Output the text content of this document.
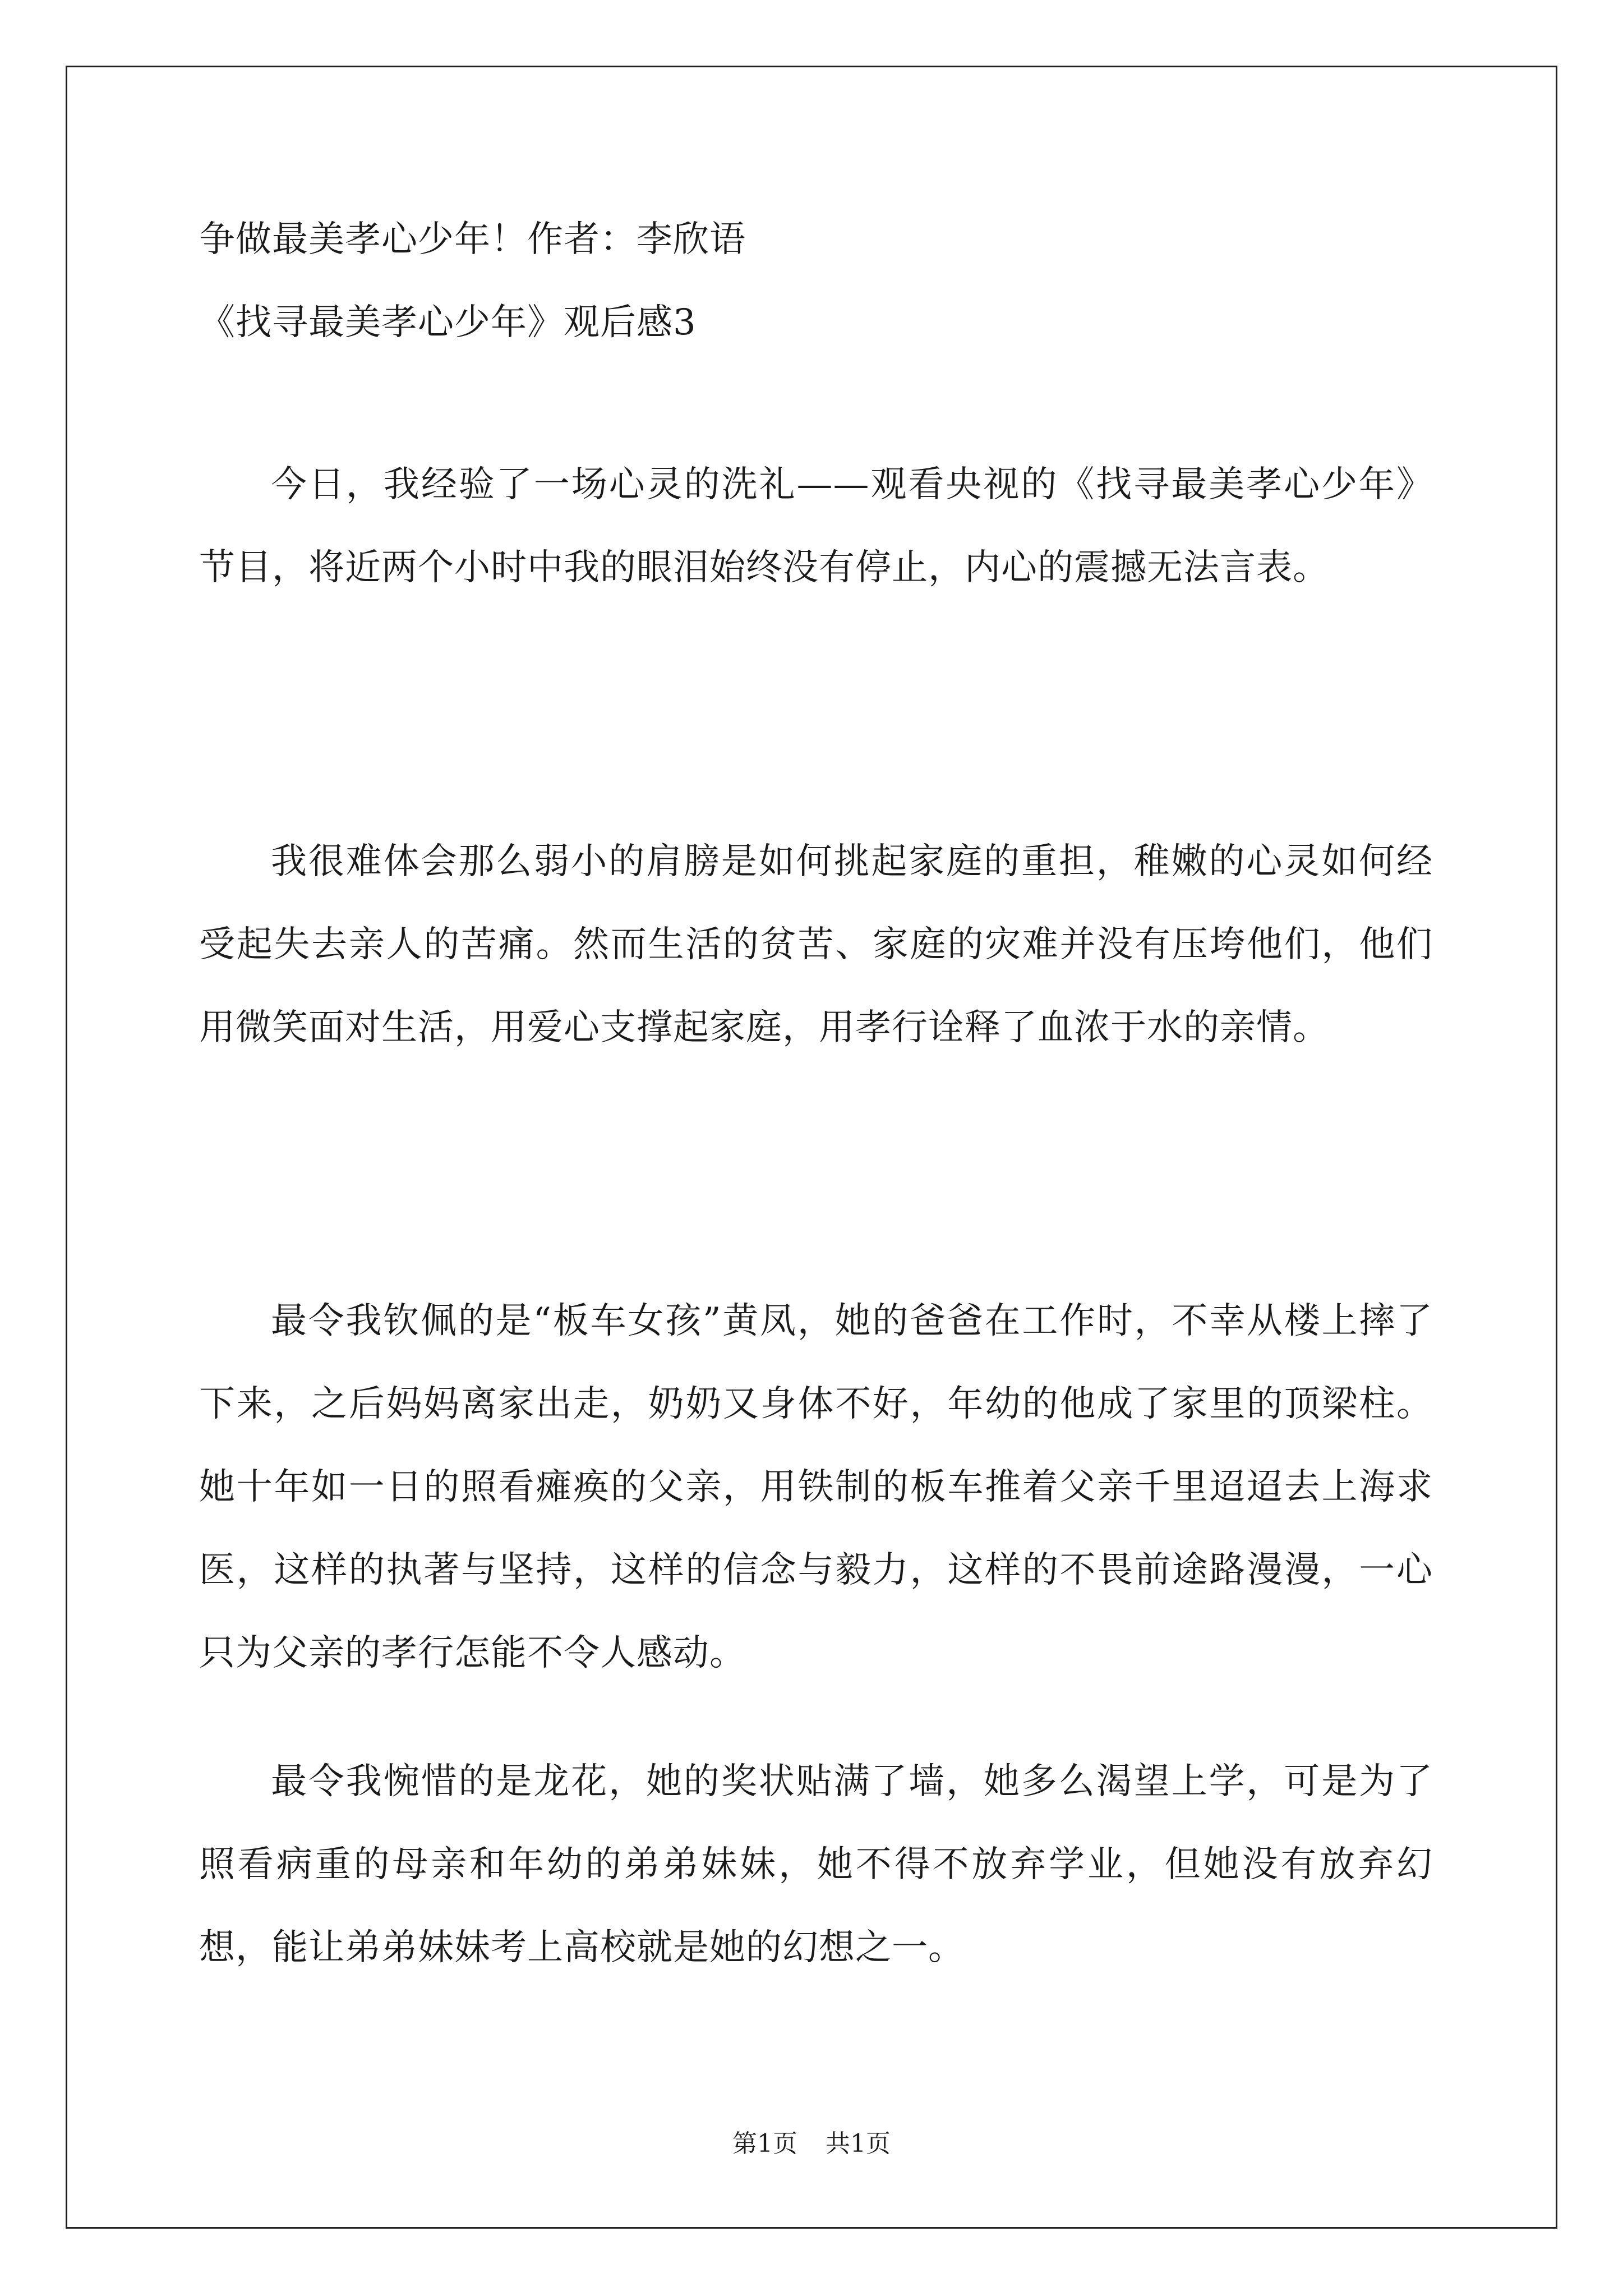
争做最美孝心少年！作者：李欣语

《找寻最美孝心少年》观后感3

今日，我经验了一场心灵的洗礼——观看央视的《找寻最美孝心少年》节目，将近两个小时中我的眼泪始终没有停止，内心的震撼无法言表。

我很难体会那么弱小的肩膀是如何挑起家庭的重担，稚嫩的心灵如何经受起失去亲人的苦痛。然而生活的贫苦、家庭的灾难并没有压垮他们，他们用微笑面对生活，用爱心支撑起家庭，用孝行诠释了血浓于水的亲情。

最令我钦佩的是“板车女孩”黄凤，她的爸爸在工作时，不幸从楼上摔了下来，之后妈妈离家出走，奶奶又身体不好，年幼的他成了家里的顶梁柱。她十年如一日的照看瘫痪的父亲，用铁制的板车推着父亲千里迢迢去上海求医，这样的执著与坚持，这样的信念与毅力，这样的不畏前途路漫漫，一心只为父亲的孝行怎能不令人感动。

最令我惋惜的是龙花，她的奖状贴满了墙，她多么渴望上学，可是为了照看病重的母亲和年幼的弟弟妹妹，她不得不放弃学业，但她没有放弃幻想，能让弟弟妹妹考上高校就是她的幻想之一。

第1页 共1页
